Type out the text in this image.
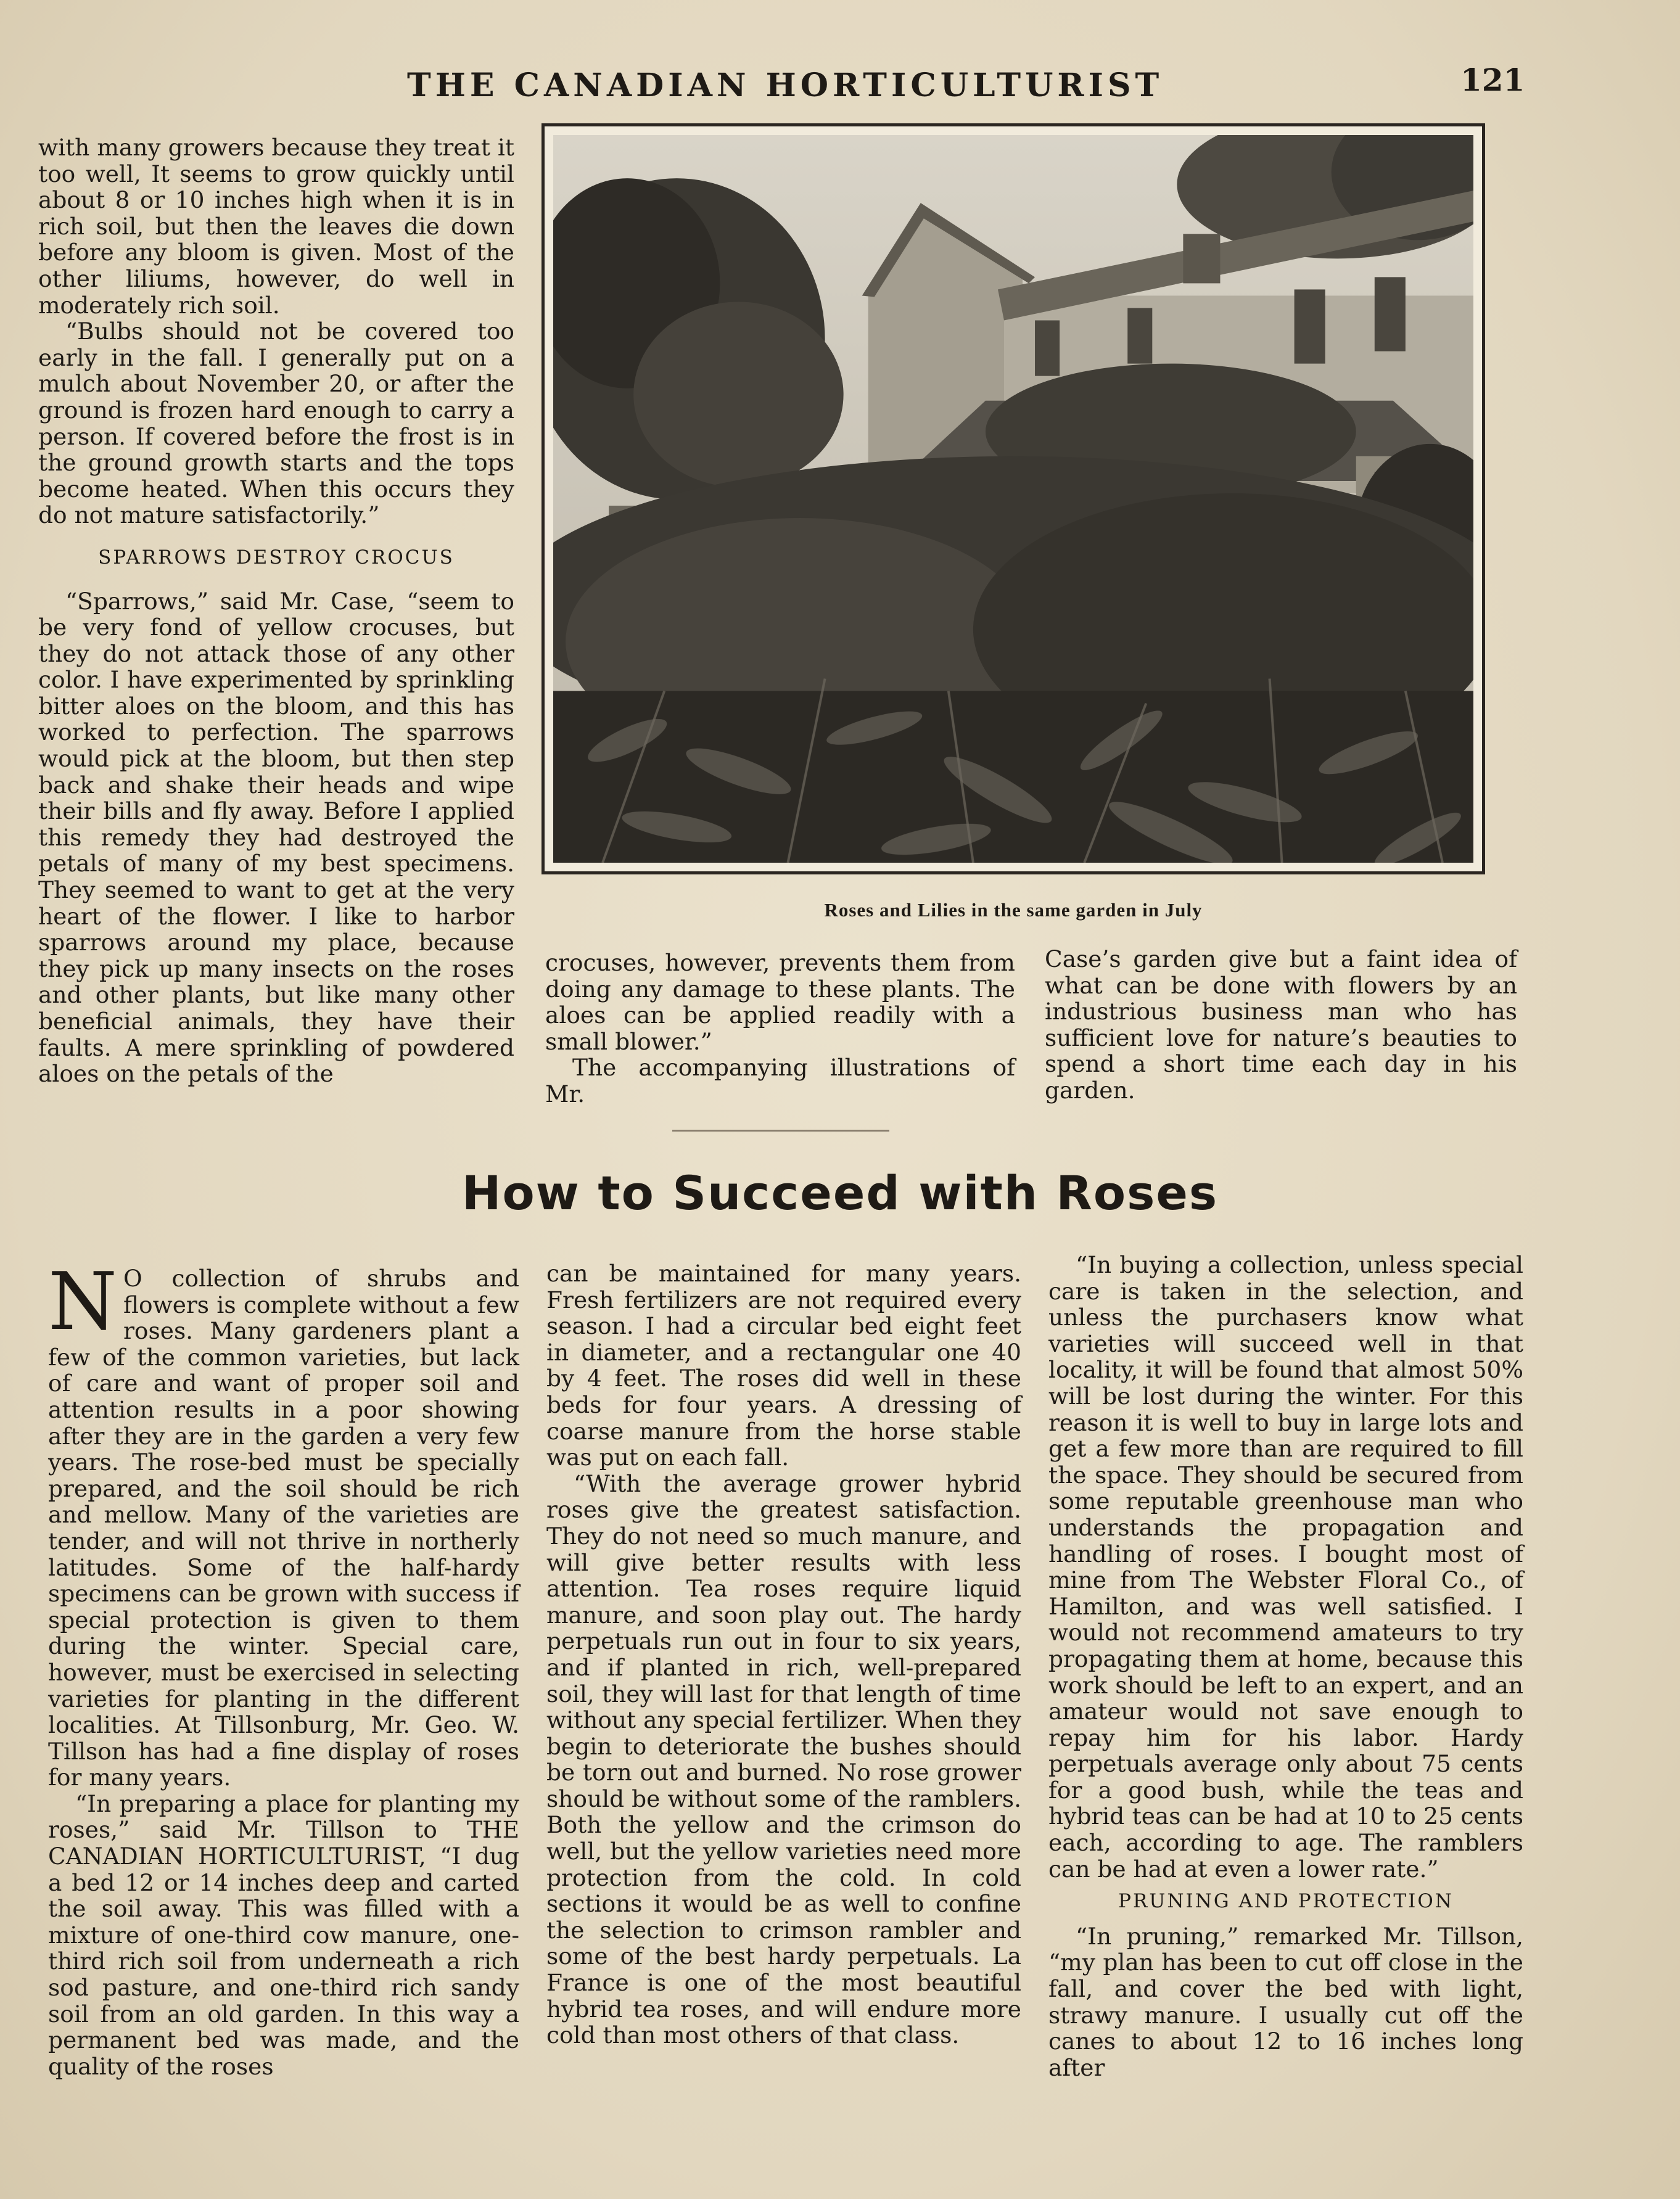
THE CANADIAN HORTICULTURIST	121

with many growers because they treat it too well, It seems to grow quickly until about 8 or 10 inches high when it is in rich soil, but then the leaves die down before any bloom is given. Most of the other liliums, however, do well in moderately rich soil.

“Bulbs should not be covered too early in the fall. I generally put on a mulch about November 20, or after the ground is frozen hard enough to carry a person. If covered before the frost is in the ground growth starts and the tops become heated. When this occurs they do not mature satisfactorily.”

SPARROWS DESTROY CROCUS

“Sparrows,” said Mr. Case, “seem to be very fond of yellow crocuses, but they do not attack those of any other color. I have experimented by sprinkling bitter aloes on the bloom, and this has worked to perfection. The sparrows would pick at the bloom, but then step back and shake their heads and wipe their bills and fly away. Before I applied this remedy they had destroyed the petals of many of my best specimens. They seemed to want to get at the very heart of the flower. I like to harbor sparrows around my place, because they pick up many insects on the roses and other plants, but like many other beneficial animals, they have their faults. A mere sprinkling of powdered aloes on the petals of the

Roses and Lilies in the same garden in July

crocuses, however, prevents them from doing any damage to these plants. The aloes can be applied readily with a small blower.”

The accompanying illustrations of Mr.

Case’s garden give but a faint idea of what can be done with flowers by an industrious business man who has sufficient love for nature’s beauties to spend a short time each day in his garden.

How to Succeed with Roses

N O collection of shrubs and flowers is complete without a few roses. Many gardeners plant a few of the common varieties, but lack of care and want of proper soil and attention results in a poor showing after they are in the garden a very few years. The rose-bed must be specially prepared, and the soil should be rich and mellow. Many of the varieties are tender, and will not thrive in northerly latitudes. Some of the half-hardy specimens can be grown with success if special protection is given to them during the winter. Special care, however, must be exercised in selecting varieties for planting in the different localities. At Tillsonburg, Mr. Geo. W. Tillson has had a fine display of roses for many years.

“In preparing a place for planting my roses,” said Mr. Tillson to THE CANADIAN HORTICULTURIST, “I dug a bed 12 or 14 inches deep and carted the soil away. This was filled with a mixture of one-third cow manure, one-third rich soil from underneath a rich sod pasture, and one-third rich sandy soil from an old garden. In this way a permanent bed was made, and the quality of the roses

can be maintained for many years. Fresh fertilizers are not required every season. I had a circular bed eight feet in diameter, and a rectangular one 40 by 4 feet. The roses did well in these beds for four years. A dressing of coarse manure from the horse stable was put on each fall.

“With the average grower hybrid roses give the greatest satisfaction. They do not need so much manure, and will give better results with less attention. Tea roses require liquid manure, and soon play out. The hardy perpetuals run out in four to six years, and if planted in rich, well-prepared soil, they will last for that length of time without any special fertilizer. When they begin to deteriorate the bushes should be torn out and burned. No rose grower should be without some of the ramblers. Both the yellow and the crimson do well, but the yellow varieties need more protection from the cold. In cold sections it would be as well to confine the selection to crimson rambler and some of the best hardy perpetuals. La France is one of the most beautiful hybrid tea roses, and will endure more cold than most others of that class.

“In buying a collection, unless special care is taken in the selection, and unless the purchasers know what varieties will succeed well in that locality, it will be found that almost 50% will be lost during the winter. For this reason it is well to buy in large lots and get a few more than are required to fill the space. They should be secured from some reputable greenhouse man who understands the propagation and handling of roses. I bought most of mine from The Webster Floral Co., of Hamilton, and was well satisfied. I would not recommend amateurs to try propagating them at home, because this work should be left to an expert, and an amateur would not save enough to repay him for his labor. Hardy perpetuals average only about 75 cents for a good bush, while the teas and hybrid teas can be had at 10 to 25 cents each, according to age. The ramblers can be had at even a lower rate.”

PRUNING AND PROTECTION

“In pruning,” remarked Mr. Tillson, “my plan has been to cut off close in the fall, and cover the bed with light, strawy manure. I usually cut off the canes to about 12 to 16 inches long after
